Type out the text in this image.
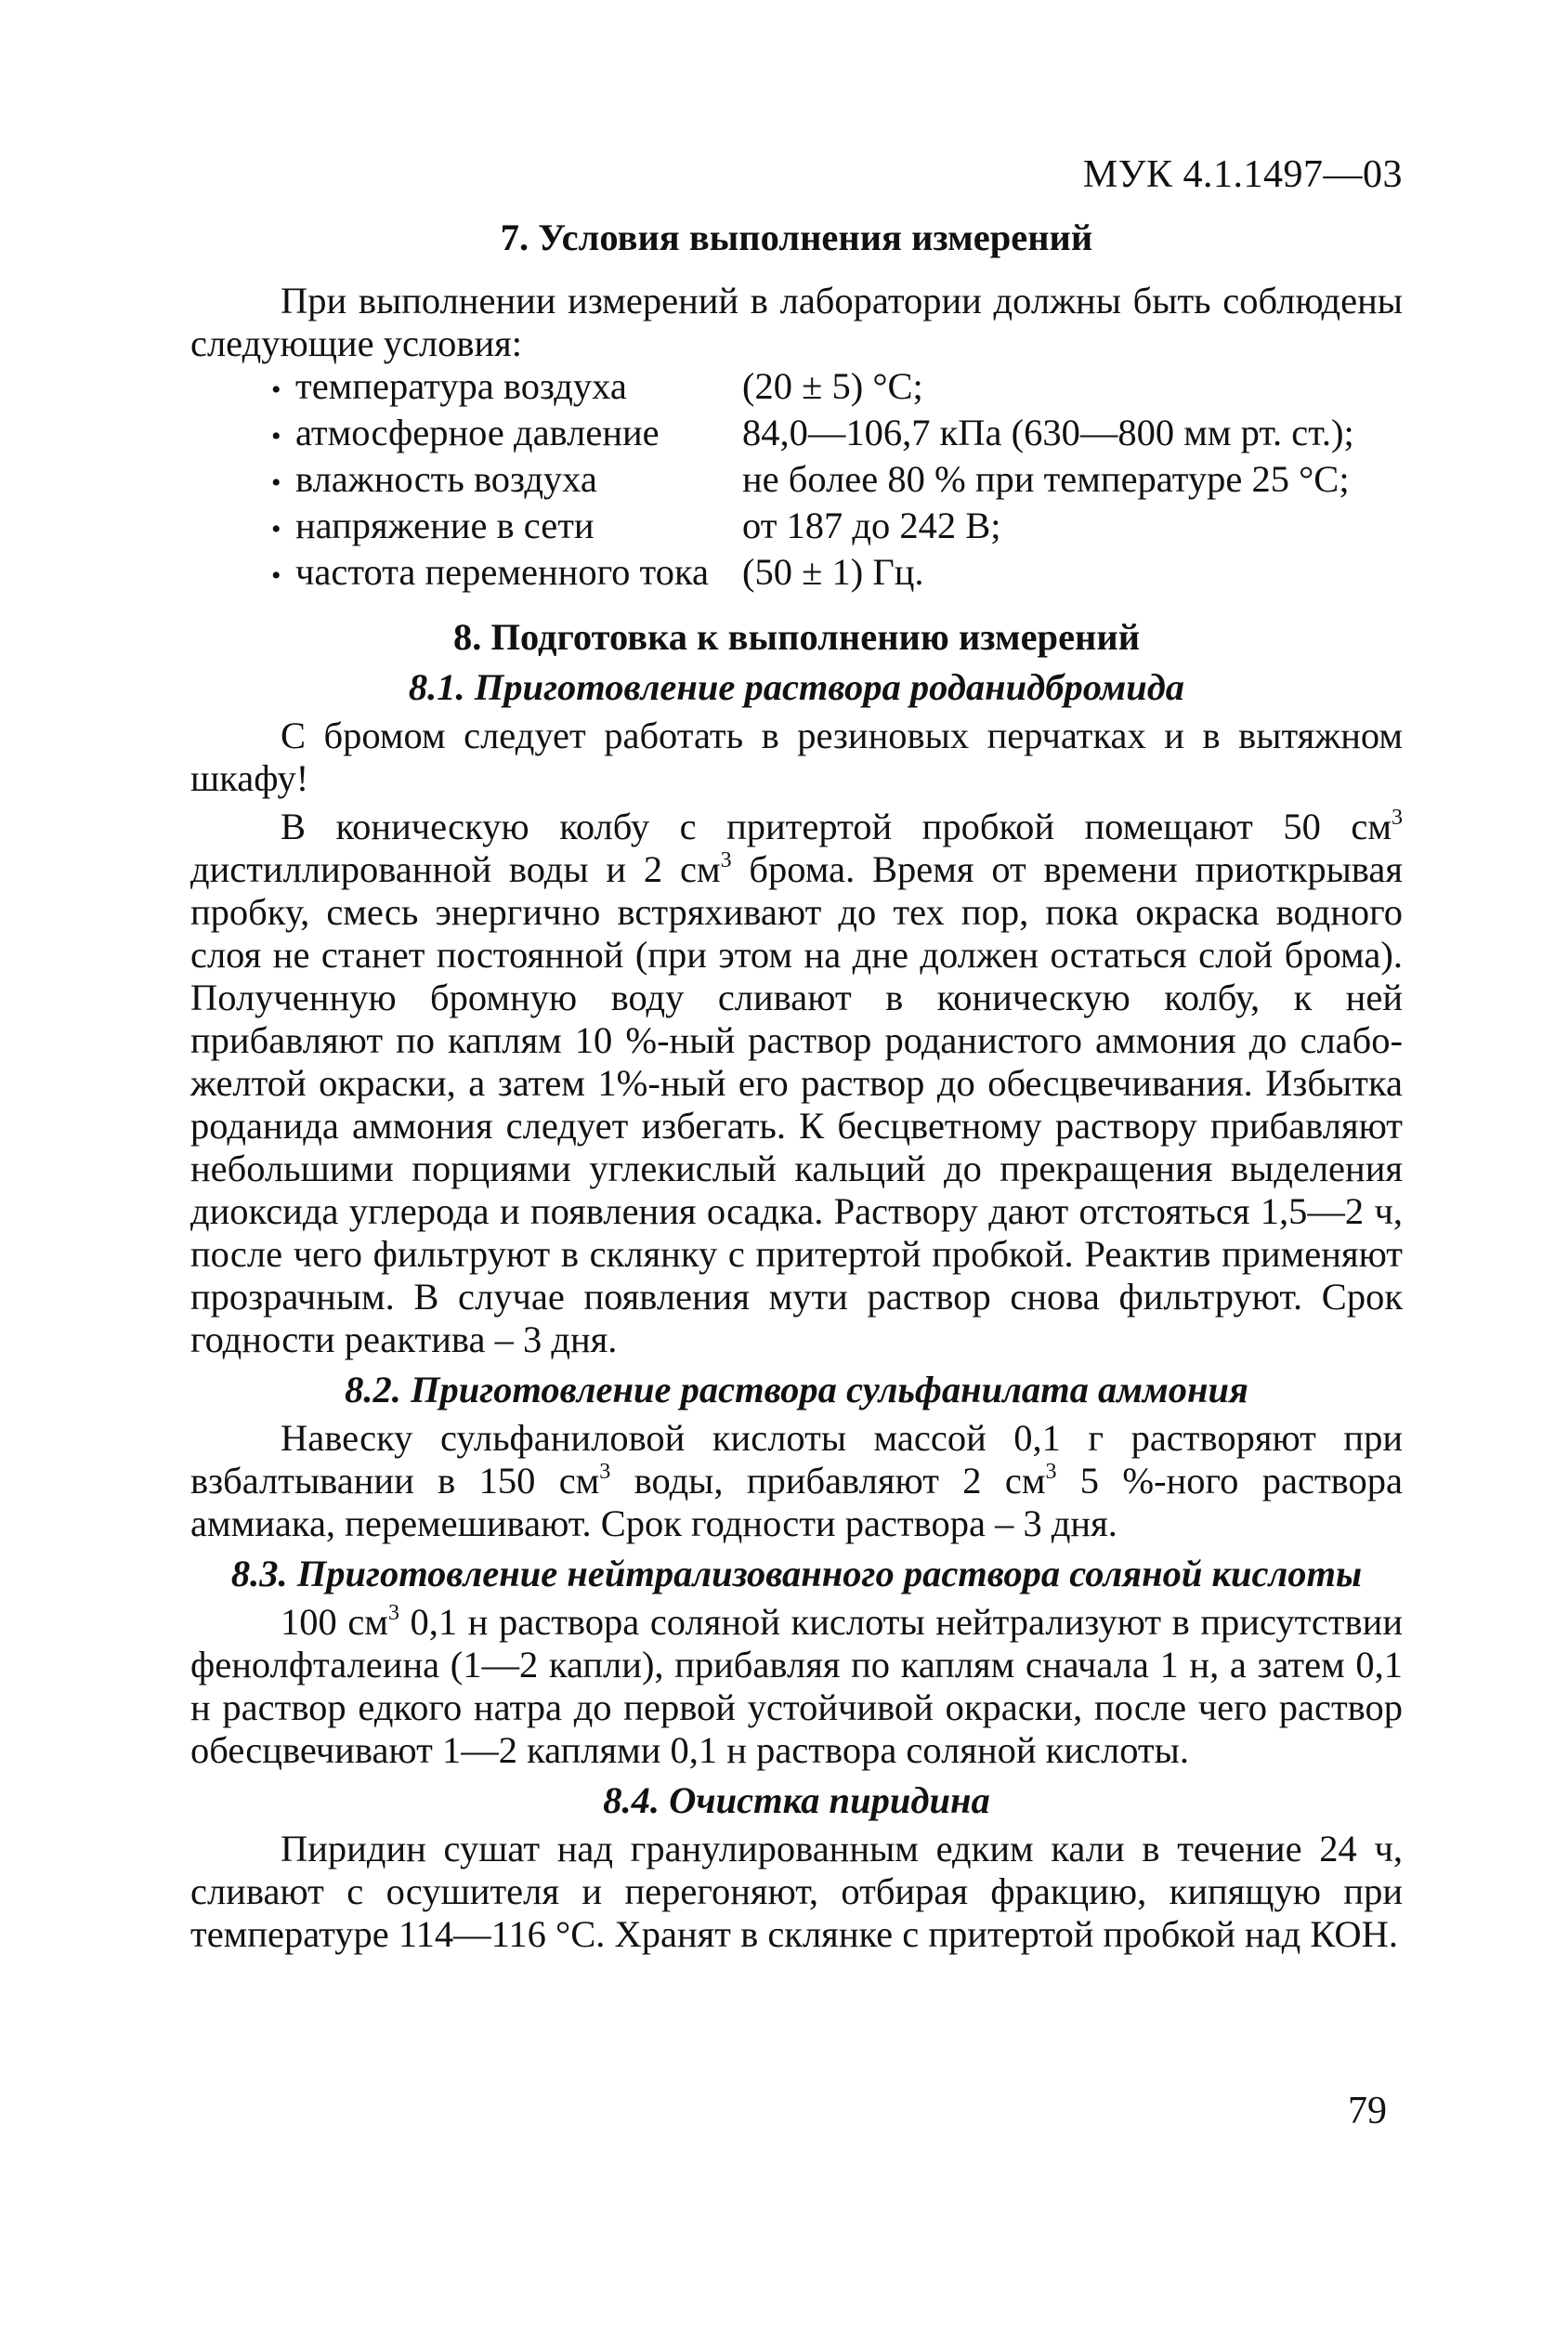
МУК 4.1.1497—03
7. Условия выполнения измерений

При выполнении измерений в лаборатории должны быть соблюдены следующие условия:

• температура воздуха	(20 ± 5) °С;
• атмосферное давление	84,0—106,7 кПа (630—800 мм рт. ст.);
• влажность воздуха	не более 80 % при температуре 25 °С;
• напряжение в сети	от 187 до 242 В;
• частота переменного тока (50 ± 1) Гц.
8. Подготовка к выполнению измерений
8.1. Приготовление раствора роданидбромида

С бромом следует работать в резиновых перчатках и в вытяжном шкафу!

В коническую колбу с притертой пробкой помещают 50 $см^3$ дистиллированной воды и 2 $см^3$ брома. Время от времени приоткрывая пробку, смесь энергично встряхивают до тех пор, пока окраска водного слоя не станет постоянной (при этом на дне должен остаться слой брома). Полученную бромную воду сливают в коническую колбу, к ней прибавляют по каплям 10 %-ный раствор роданистого аммония до слабо-желтой окраски, а затем 1%-ный его раствор до обесцвечивания. Избытка роданида аммония следует избегать. К бесцветному раствору прибавляют небольшими порциями углекислый кальций до прекращения выделения диоксида углерода и появления осадка. Раствору дают отстояться 1,5—2 ч, после чего фильтруют в склянку с притертой пробкой. Реактив применяют прозрачным. В случае появления мути раствор снова фильтруют. Срок годности реактива – 3 дня.

8.2. Приготовление раствора сульфанилата аммония

Навеску сульфаниловой кислоты массой 0,1 г растворяют при взбалтывании в 150 $см^3$ воды, прибавляют 2 $см^3$ 5 %-ного раствора аммиака, перемешивают. Срок годности раствора – 3 дня.

8.3. Приготовление нейтрализованного раствора соляной кислоты

100 $см^3$ 0,1 н раствора соляной кислоты нейтрализуют в присутствии фенолфталеина (1—2 капли), прибавляя по каплям сначала 1 н, а затем 0,1 н раствор едкого натра до первой устойчивой окраски, после чего раствор обесцвечивают 1—2 каплями 0,1 н раствора соляной кислоты.

8.4. Очистка пиридина

Пиридин сушат над гранулированным едким кали в течение 24 ч, сливают с осушителя и перегоняют, отбирая фракцию, кипящую при температуре 114—116 °С. Хранят в склянке с притертой пробкой над КОН.

79
